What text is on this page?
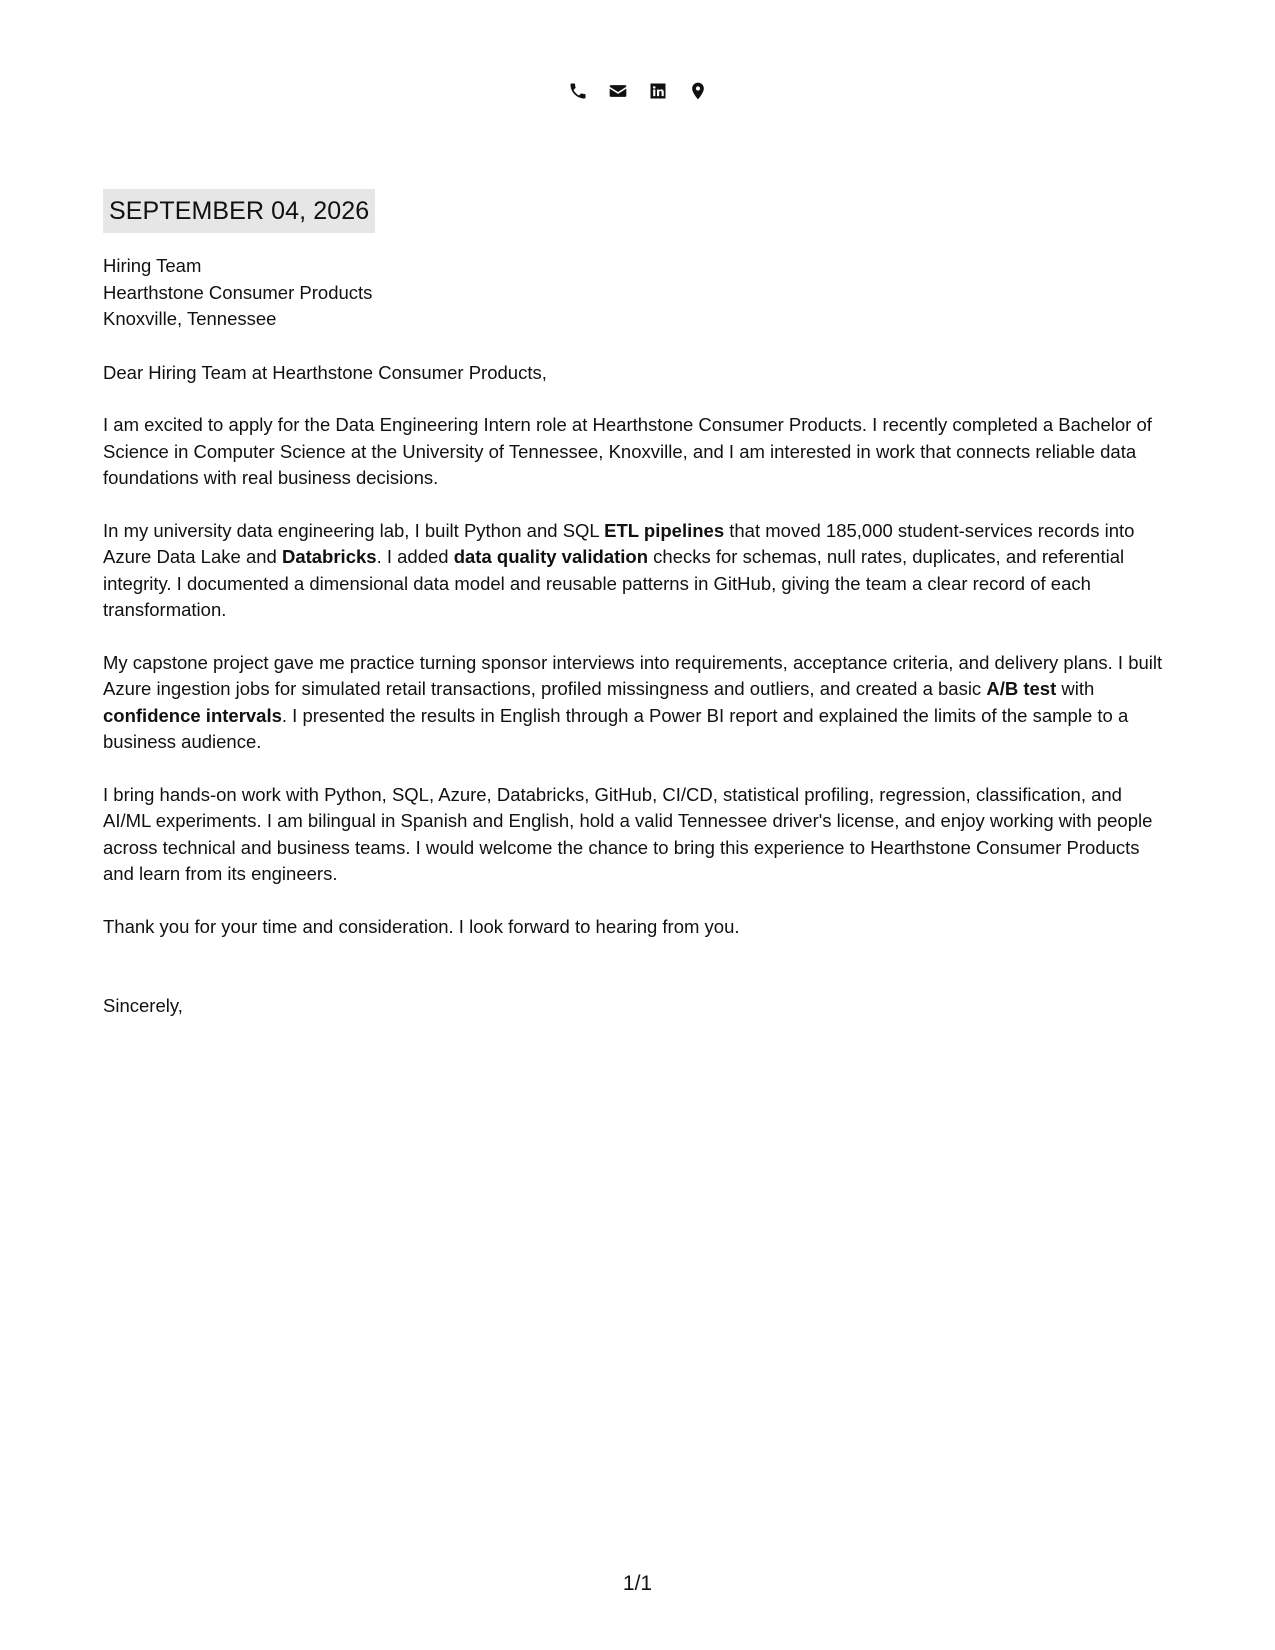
SEPTEMBER 04, 2026
Hiring Team
Hearthstone Consumer Products
Knoxville, Tennessee
Dear Hiring Team at Hearthstone Consumer Products,

I am excited to apply for the Data Engineering Intern role at Hearthstone Consumer Products. I recently completed a Bachelor of Science in Computer Science at the University of Tennessee, Knoxville, and I am interested in work that connects reliable data foundations with real business decisions.

In my university data engineering lab, I built Python and SQL ETL pipelines that moved 185,000 student-services records into Azure Data Lake and Databricks. I added data quality validation checks for schemas, null rates, duplicates, and referential integrity. I documented a dimensional data model and reusable patterns in GitHub, giving the team a clear record of each transformation.

My capstone project gave me practice turning sponsor interviews into requirements, acceptance criteria, and delivery plans. I built Azure ingestion jobs for simulated retail transactions, profiled missingness and outliers, and created a basic A/B test with confidence intervals. I presented the results in English through a Power BI report and explained the limits of the sample to a business audience.

I bring hands-on work with Python, SQL, Azure, Databricks, GitHub, CI/CD, statistical profiling, regression, classification, and AI/ML experiments. I am bilingual in Spanish and English, hold a valid Tennessee driver's license, and enjoy working with people across technical and business teams. I would welcome the chance to bring this experience to Hearthstone Consumer Products and learn from its engineers.

Thank you for your time and consideration. I look forward to hearing from you.

Sincerely,
1/1
